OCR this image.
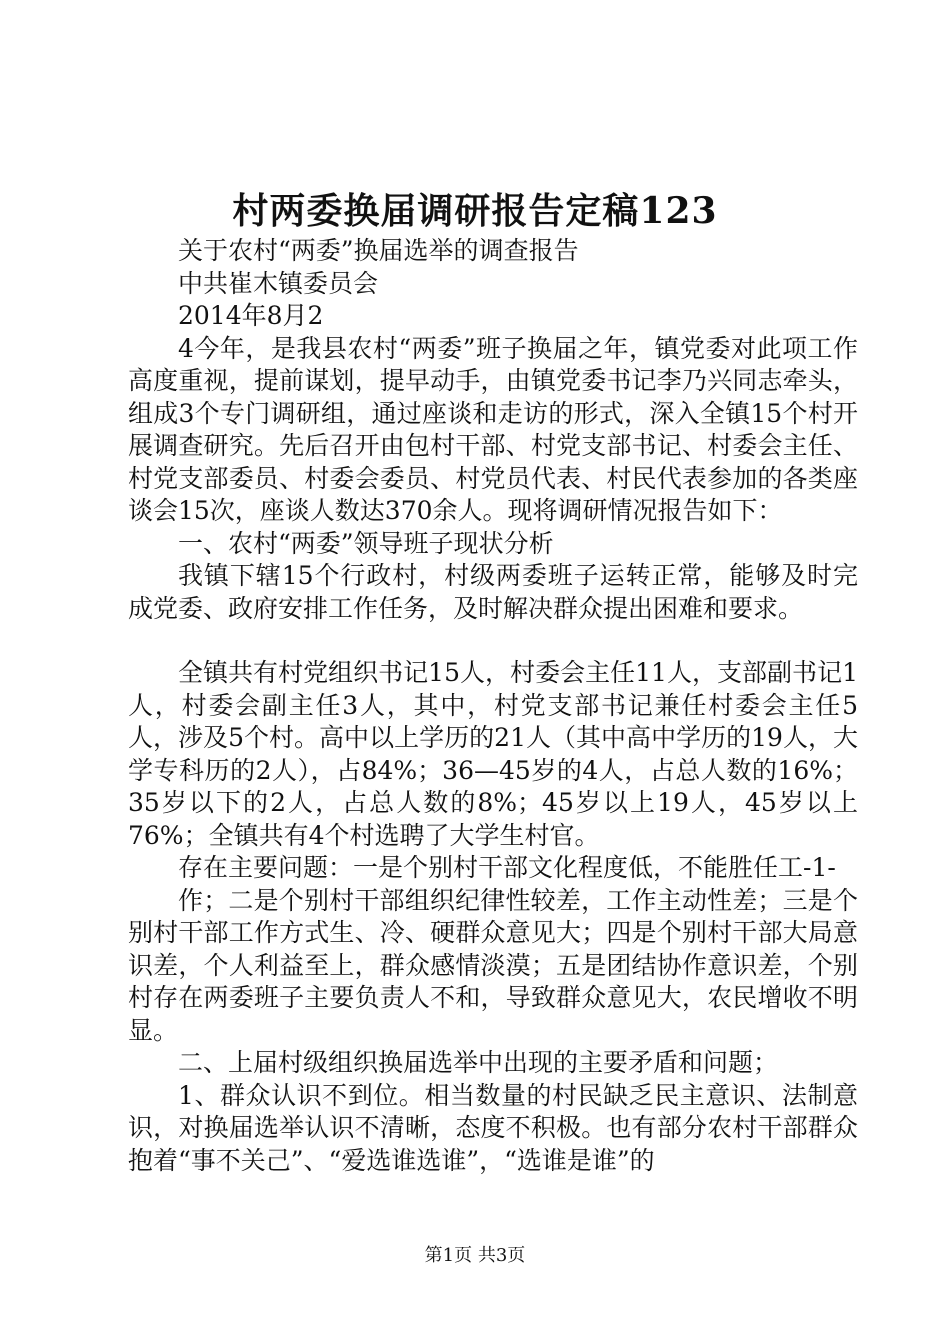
村两委换届调研报告定稿123

关于农村“两委”换届选举的调查报告

中共崔木镇委员会

2014年8月2

4今年，是我县农村“两委”班子换届之年，镇党委对此项工作高度重视，提前谋划，提早动手，由镇党委书记李乃兴同志牵头，组成3个专门调研组，通过座谈和走访的形式，深入全镇15个村开展调查研究。先后召开由包村干部、村党支部书记、村委会主任、村党支部委员、村委会委员、村党员代表、村民代表参加的各类座谈会15次，座谈人数达370余人。现将调研情况报告如下：

一、农村“两委”领导班子现状分析

我镇下辖15个行政村，村级两委班子运转正常，能够及时完成党委、政府安排工作任务，及时解决群众提出困难和要求。

全镇共有村党组织书记15人，村委会主任11人，支部副书记1人，村委会副主任3人，其中，村党支部书记兼任村委会主任5人，涉及5个村。高中以上学历的21人（其中高中学历的19人，大学专科历的2人），占84%；36—45岁的4人，占总人数的16%；35岁以下的2人，占总人数的8%；45岁以上19人，45岁以上76%；全镇共有4个村选聘了大学生村官。

存在主要问题：一是个别村干部文化程度低，不能胜任工-1-

作；二是个别村干部组织纪律性较差，工作主动性差；三是个别村干部工作方式生、冷、硬群众意见大；四是个别村干部大局意识差，个人利益至上，群众感情淡漠；五是团结协作意识差，个别村存在两委班子主要负责人不和，导致群众意见大，农民增收不明显。

二、上届村级组织换届选举中出现的主要矛盾和问题；

1、群众认识不到位。相当数量的村民缺乏民主意识、法制意识，对换届选举认识不清晰，态度不积极。也有部分农村干部群众抱着“事不关己”、“爱选谁选谁”，“选谁是谁”的

第1页 共3页
